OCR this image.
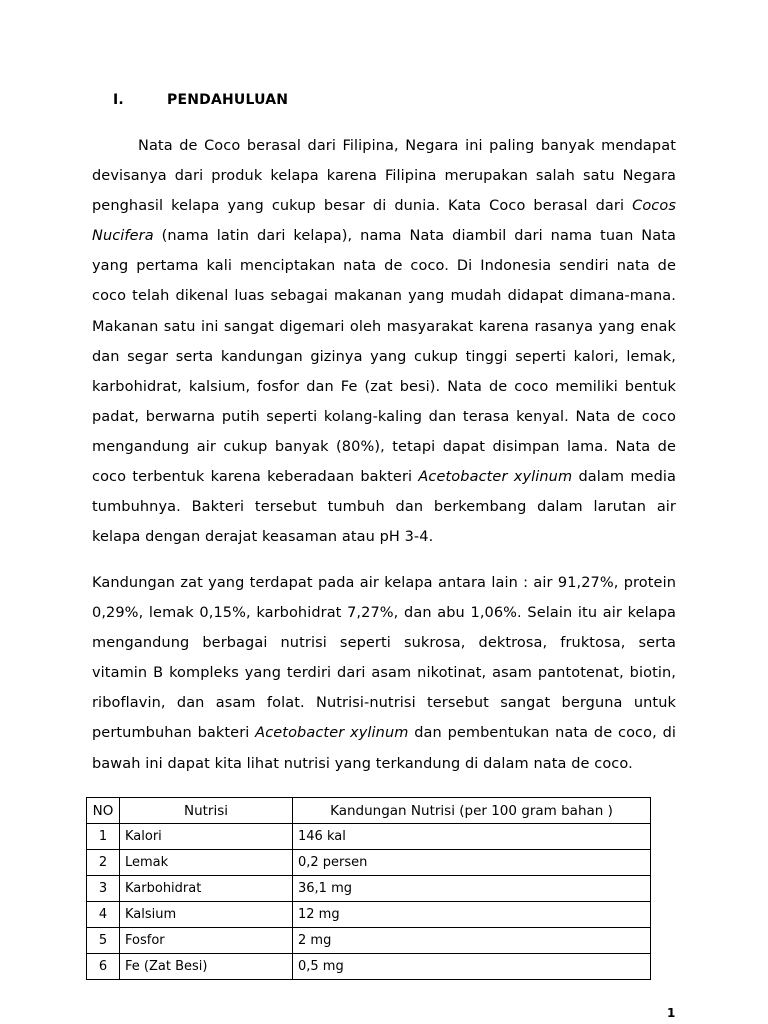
I.	PENDAHULUAN

Nata de Coco berasal dari Filipina, Negara ini paling banyak mendapat devisanya dari produk kelapa karena Filipina merupakan salah satu Negara penghasil kelapa yang cukup besar di dunia. Kata Coco berasal dari Cocos Nucifera (nama latin dari kelapa), nama Nata diambil dari nama tuan Nata yang pertama kali menciptakan nata de coco. Di Indonesia sendiri nata de coco telah dikenal luas sebagai makanan yang mudah didapat dimana-mana. Makanan satu ini sangat digemari oleh masyarakat karena rasanya yang enak dan segar serta kandungan gizinya yang cukup tinggi seperti kalori, lemak, karbohidrat, kalsium, fosfor dan Fe (zat besi). Nata de coco memiliki bentuk padat, berwarna putih seperti kolang-kaling dan terasa kenyal. Nata de coco mengandung air cukup banyak (80%), tetapi dapat disimpan lama. Nata de coco terbentuk karena keberadaan bakteri Acetobacter xylinum dalam media tumbuhnya. Bakteri tersebut tumbuh dan berkembang dalam larutan air kelapa dengan derajat keasaman atau pH 3-4.

Kandungan zat yang terdapat pada air kelapa antara lain : air 91,27%, protein 0,29%, lemak 0,15%, karbohidrat 7,27%, dan abu 1,06%. Selain itu air kelapa mengandung berbagai nutrisi seperti sukrosa, dektrosa, fruktosa, serta vitamin B kompleks yang terdiri dari asam nikotinat, asam pantotenat, biotin, riboflavin, dan asam folat. Nutrisi-nutrisi tersebut sangat berguna untuk pertumbuhan bakteri Acetobacter xylinum dan pembentukan nata de coco, di bawah ini dapat kita lihat nutrisi yang terkandung di dalam nata de coco.

NO	Nutrisi	Kandungan Nutrisi (per 100 gram bahan )
1	Kalori	146 kal
2	Lemak	0,2 persen
3	Karbohidrat	36,1 mg
4	Kalsium	12 mg
5	Fosfor	2 mg
6	Fe (Zat Besi)	0,5 mg
1
